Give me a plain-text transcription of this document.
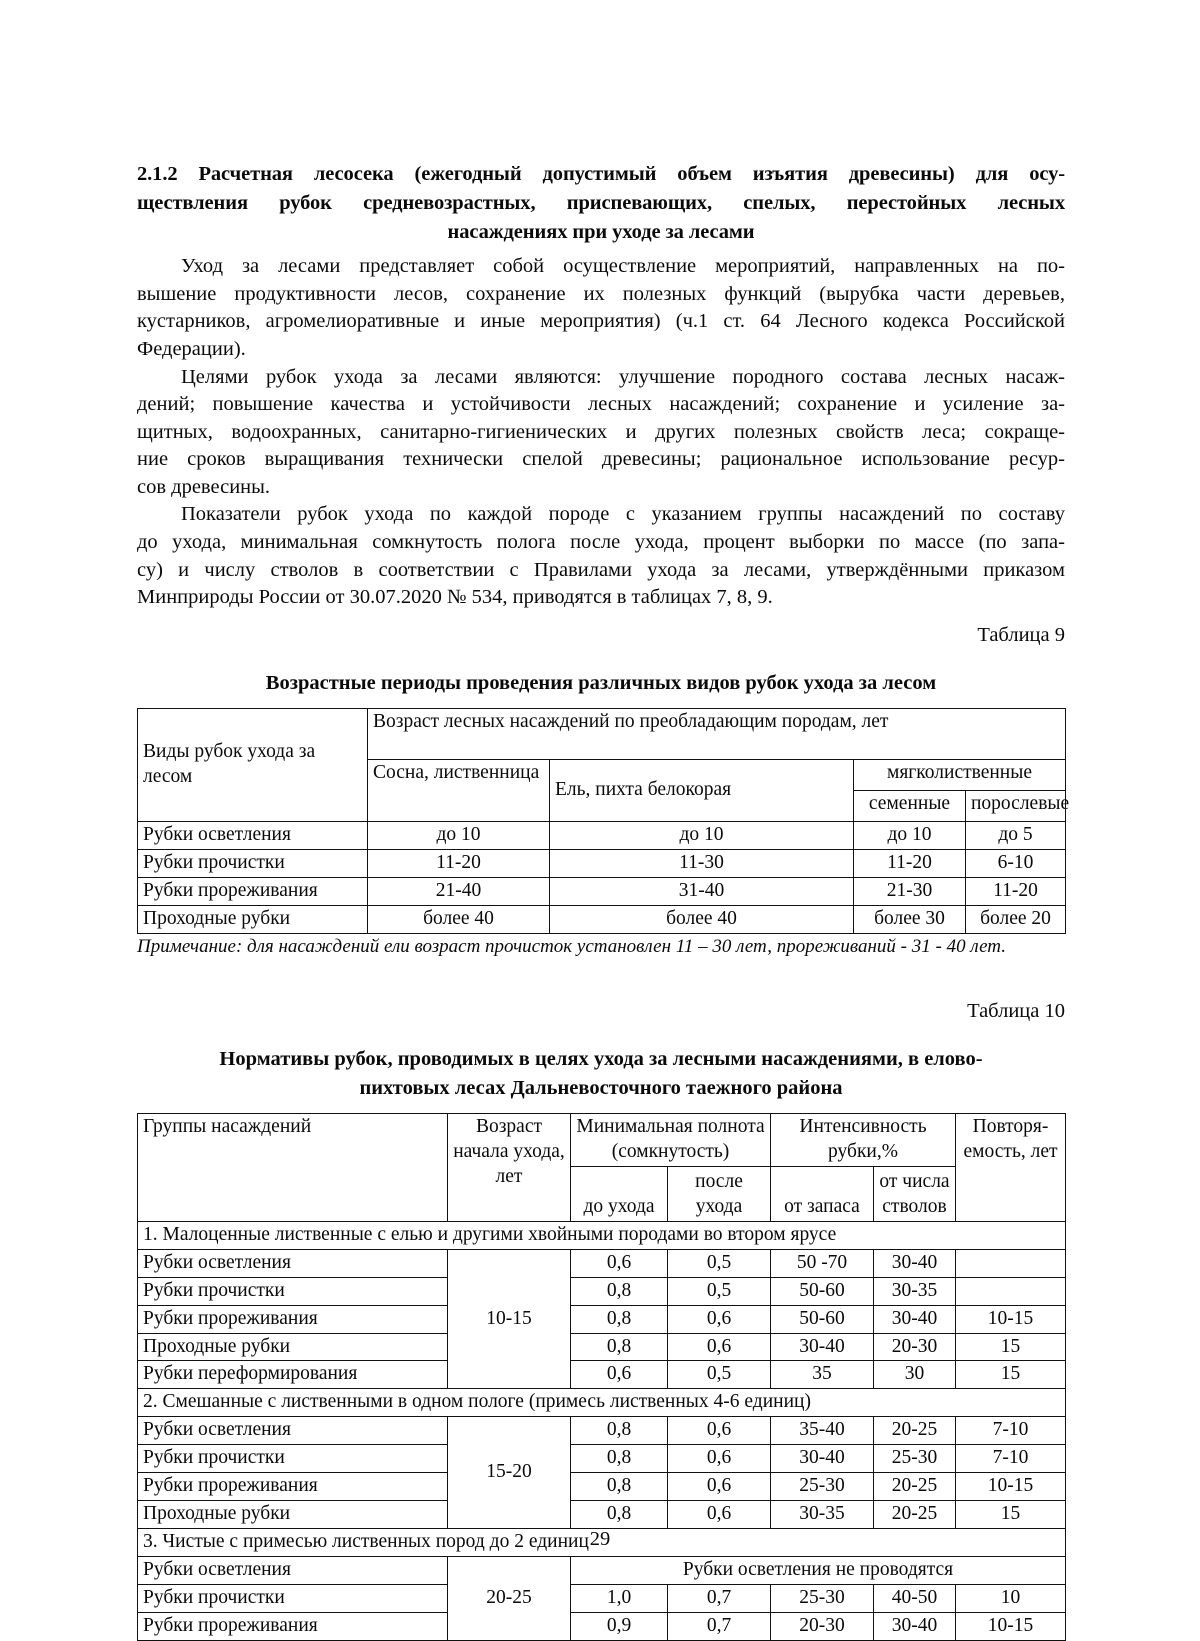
2.1.2 Расчетная лесосека (ежегодный допустимый объем изъятия древесины) для осу-
ществления рубок средневозрастных, приспевающих, спелых, перестойных лесных
насаждениях при уходе за лесами

Уход за лесами представляет собой осуществление мероприятий, направленных на по-
вышение продуктивности лесов, сохранение их полезных функций (вырубка части деревьев,
кустарников, агромелиоративные и иные мероприятия) (ч.1 ст. 64 Лесного кодекса Российской
Федерации).

Целями рубок ухода за лесами являются: улучшение породного состава лесных насаж-
дений; повышение качества и устойчивости лесных насаждений; сохранение и усиление за-
щитных, водоохранных, санитарно-гигиенических и других полезных свойств леса; сокраще-
ние сроков выращивания технически спелой древесины; рациональное использование ресур-
сов древесины.

Показатели рубок ухода по каждой породе с указанием группы насаждений по составу
до ухода, минимальная сомкнутость полога после ухода, процент выборки по массе (по запа-
су) и числу стволов в соответствии с Правилами ухода за лесами, утверждёнными приказом
Минприроды России от 30.07.2020 № 534, приводятся в таблицах 7, 8, 9.

Таблица 9
Возрастные периоды проведения различных видов рубок ухода за лесом
Виды рубок ухода за лесом	Возраст лесных насаждений по преобладающим породам, лет			
	Сосна, лиственница	Ель, пихта белокорая	мягколиственные	
			семенные	порослевые
Рубки осветления	до 10	до 10	до 10	до 5
Рубки прочистки	11-20	11-30	11-20	6-10
Рубки прореживания	21-40	31-40	21-30	11-20
Проходные рубки	более 40	более 40	более 30	более 20
Примечание: для насаждений ели возраст прочисток установлен 11 – 30 лет, прореживаний - 31 - 40 лет.
Таблица 10
Нормативы рубок, проводимых в целях ухода за лесными насаждениями, в елово-
пихтовых лесах Дальневосточного таежного района
Группы насаждений	Возраст начала ухода, лет	Минимальная полнота (сомкнутость)		Интенсивность рубки,%		Повторя-емость, лет
		до ухода	после ухода	от запаса	от числа стволов	
1. Малоценные лиственные с елью и другими хвойными породами во втором ярусе						
Рубки осветления	10-15	0,6	0,5	50 -70	30-40	
Рубки прочистки		0,8	0,5	50-60	30-35	
Рубки прореживания		0,8	0,6	50-60	30-40	10-15
Проходные рубки		0,8	0,6	30-40	20-30	15
Рубки переформирования		0,6	0,5	35	30	15
2. Смешанные с лиственными в одном пологе (примесь лиственных 4-6 единиц)						
Рубки осветления	15-20	0,8	0,6	35-40	20-25	7-10
Рубки прочистки		0,8	0,6	30-40	25-30	7-10
Рубки прореживания		0,8	0,6	25-30	20-25	10-15
Проходные рубки		0,8	0,6	30-35	20-25	15
3. Чистые с примесью лиственных пород до 2 единиц						
Рубки осветления	20-25	Рубки осветления не проводятся				
Рубки прочистки		1,0	0,7	25-30	40-50	10
Рубки прореживания		0,9	0,7	20-30	30-40	10-15
29
